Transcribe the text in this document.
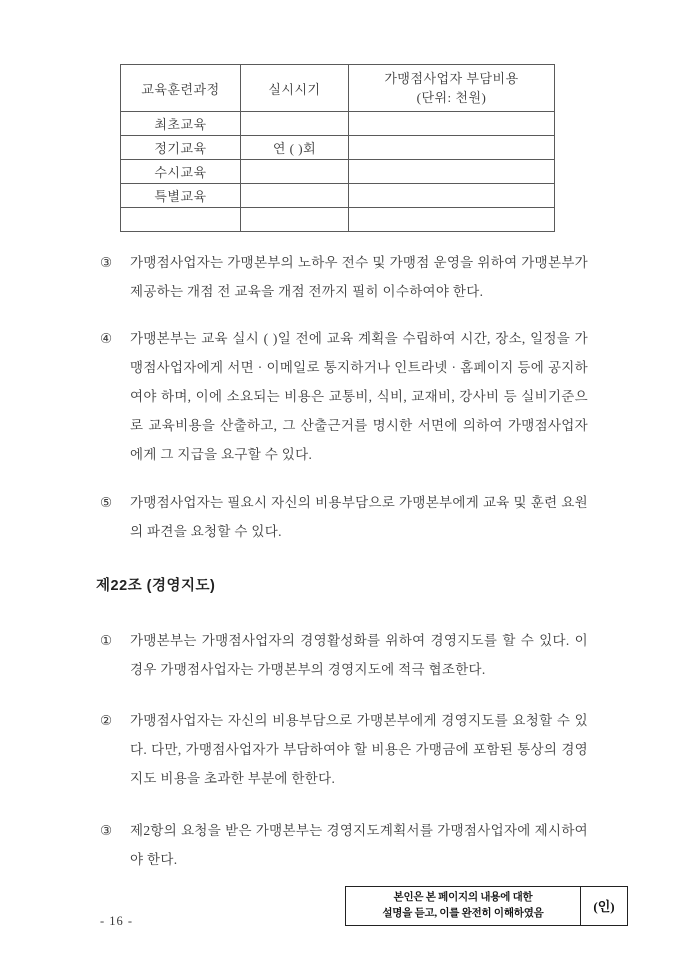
교육훈련과정	실시시기	가맹점사업자 부담비용
(단위: 천원)

최초교육		
정기교육	연 ( )회	
수시교육		
특별교육		

③	가맹점사업자는 가맹본부의 노하우 전수 및 가맹점 운영을 위하여 가맹본부가 제공하는 개점 전 교육을 개점 전까지 필히 이수하여야 한다.
④	가맹본부는 교육 실시 ( )일 전에 교육 계획을 수립하여 시간, 장소, 일정을 가맹점사업자에게 서면 · 이메일로 통지하거나 인트라넷 · 홈페이지 등에 공지하여야 하며, 이에 소요되는 비용은 교통비, 식비, 교재비, 강사비 등 실비기준으로 교육비용을 산출하고, 그 산출근거를 명시한 서면에 의하여 가맹점사업자에게 그 지급을 요구할 수 있다.
⑤	가맹점사업자는 필요시 자신의 비용부담으로 가맹본부에게 교육 및 훈련 요원의 파견을 요청할 수 있다.
제22조 (경영지도)
①	가맹본부는 가맹점사업자의 경영활성화를 위하여 경영지도를 할 수 있다. 이 경우 가맹점사업자는 가맹본부의 경영지도에 적극 협조한다.
②	가맹점사업자는 자신의 비용부담으로 가맹본부에게 경영지도를 요청할 수 있다. 다만, 가맹점사업자가 부담하여야 할 비용은 가맹금에 포함된 통상의 경영지도 비용을 초과한 부분에 한한다.
③	제2항의 요청을 받은 가맹본부는 경영지도계획서를 가맹점사업자에 제시하여야 한다.
본인은 본 페이지의 내용에 대한
설명을 듣고, 이를 완전히 이해하였음	(인)
- 16 -
